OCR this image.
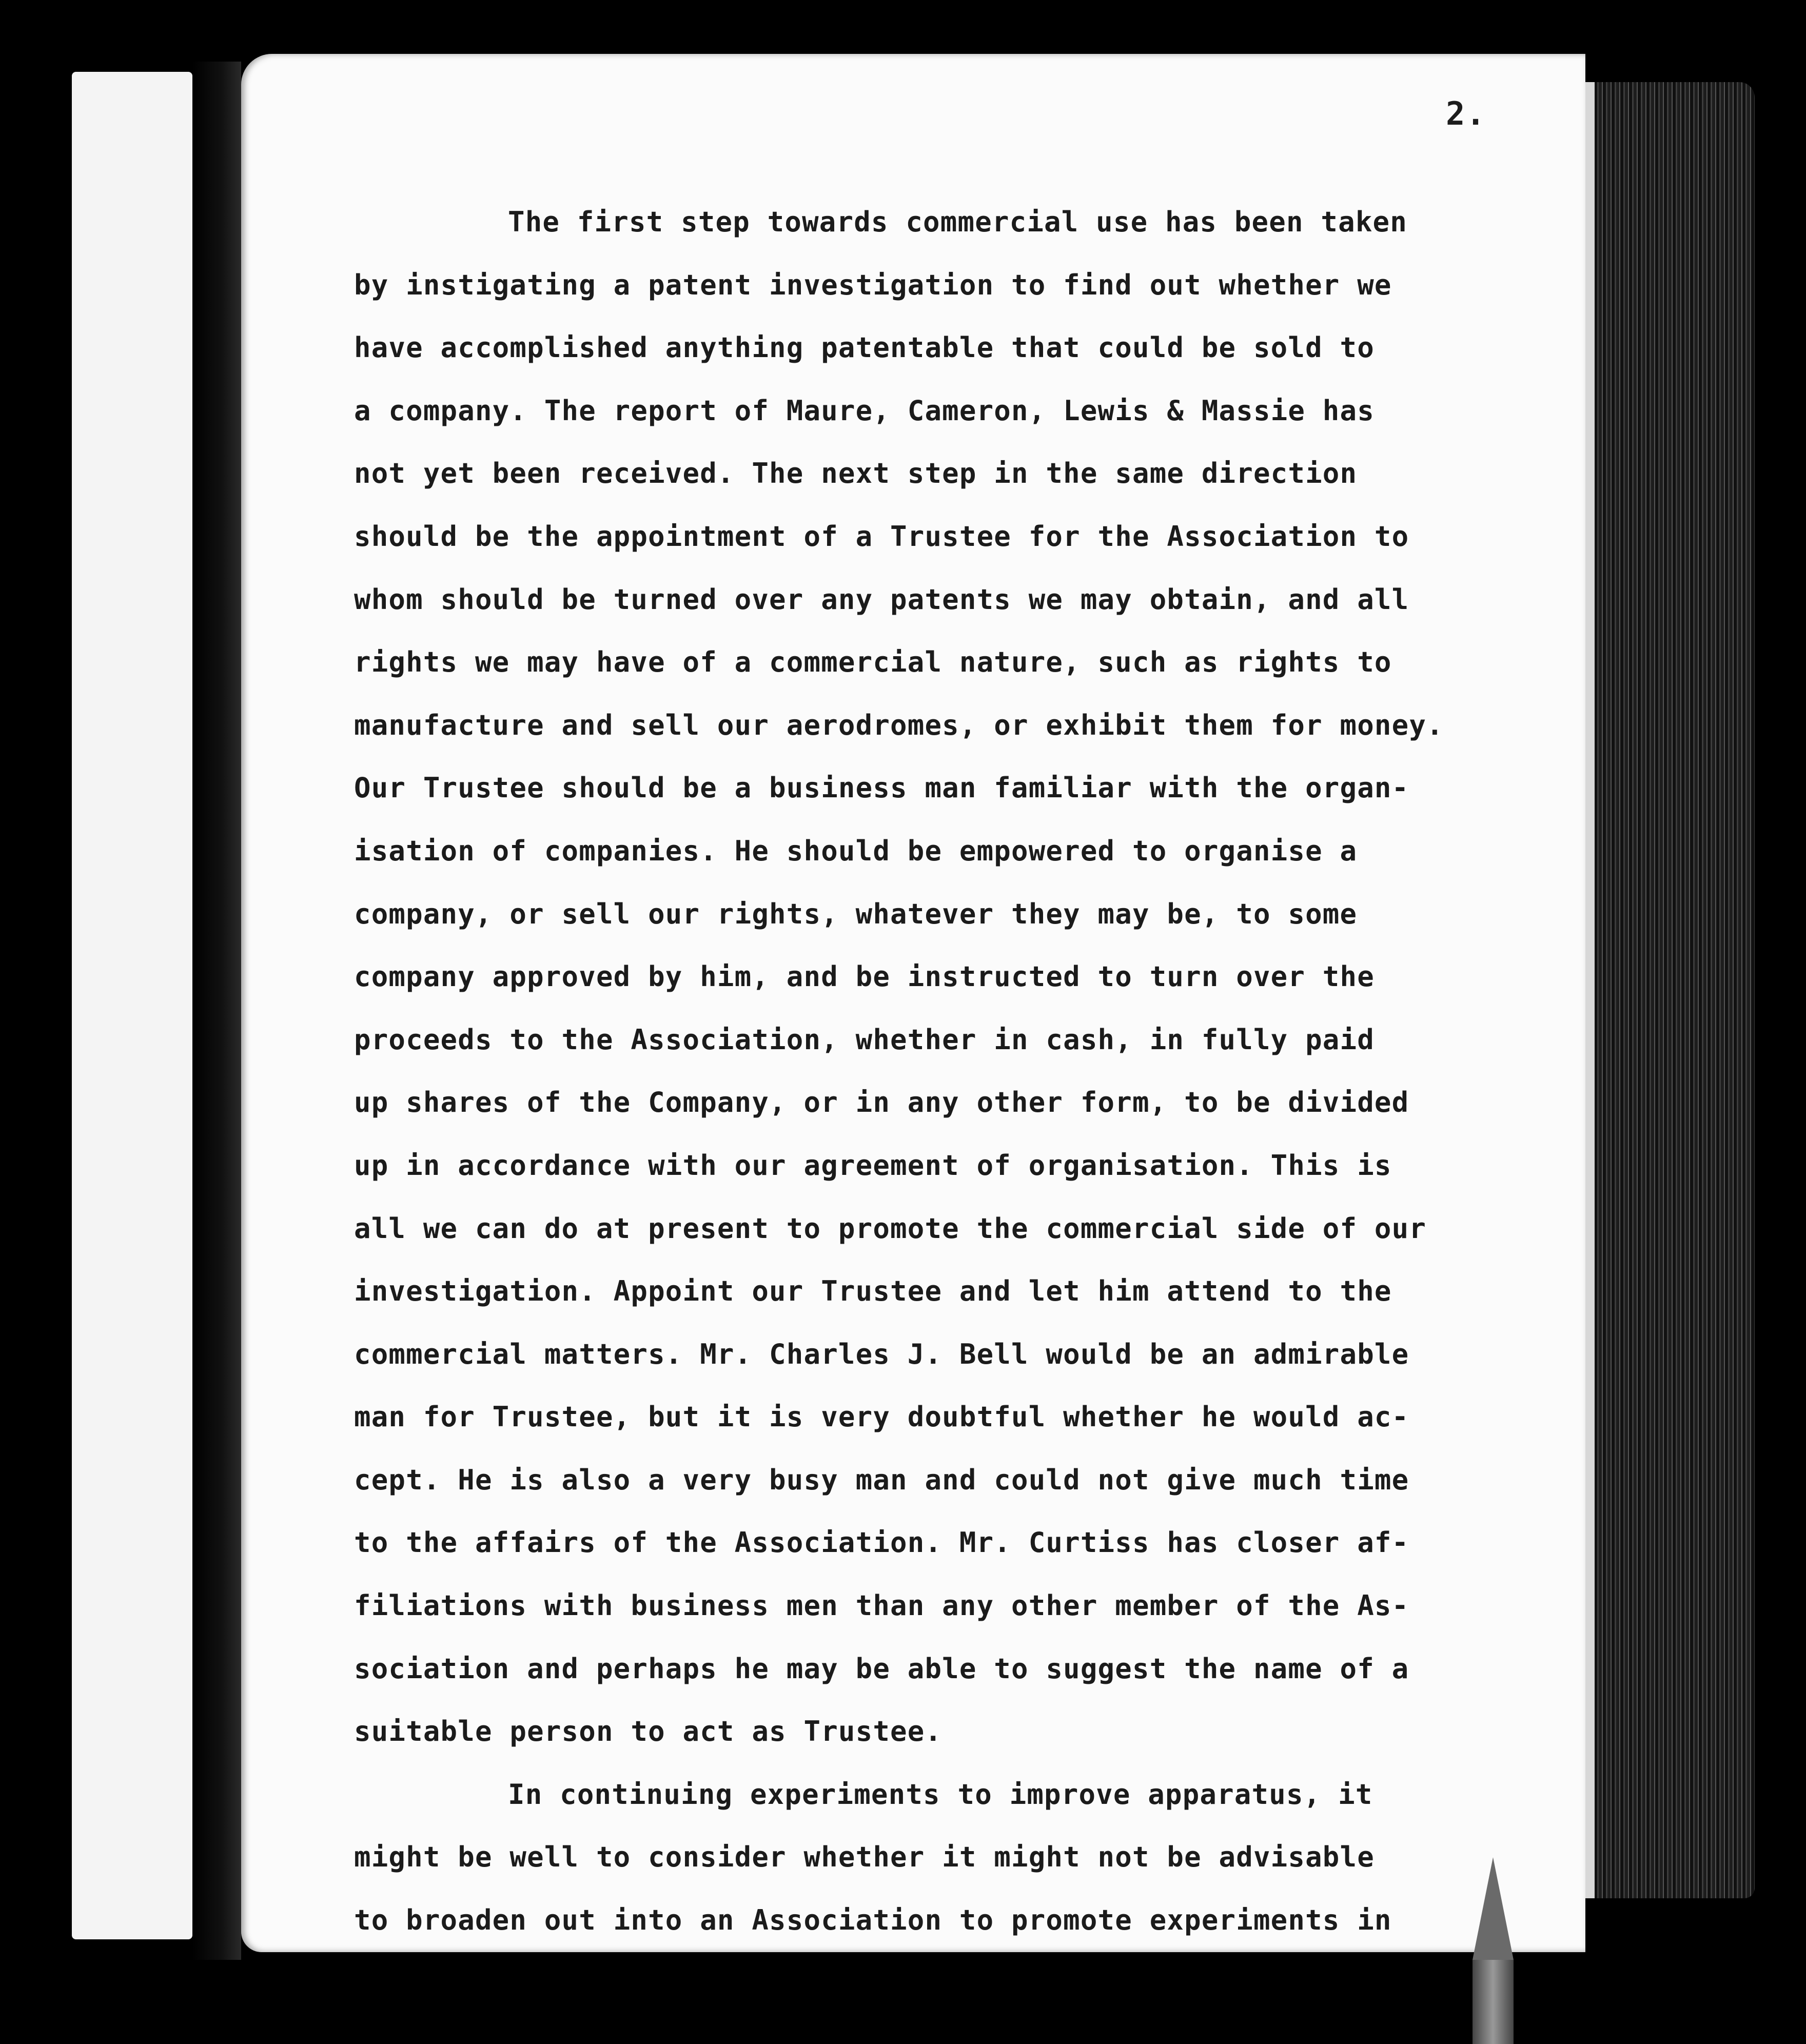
2.
The first step towards commercial use has been taken
by instigating a patent investigation to find out whether we
have accomplished anything patentable that could be sold to
a company. The report of Maure, Cameron, Lewis & Massie has
not yet been received. The next step in the same direction
should be the appointment of a Trustee for the Association to
whom should be turned over any patents we may obtain, and all
rights we may have of a commercial nature, such as rights to
manufacture and sell our aerodromes, or exhibit them for money.
Our Trustee should be a business man familiar with the organ-
isation of companies. He should be empowered to organise a
company, or sell our rights, whatever they may be, to some
company approved by him, and be instructed to turn over the
proceeds to the Association, whether in cash, in fully paid
up shares of the Company, or in any other form, to be divided
up in accordance with our agreement of organisation. This is
all we can do at present to promote the commercial side of our
investigation. Appoint our Trustee and let him attend to the
commercial matters. Mr. Charles J. Bell would be an admirable
man for Trustee, but it is very doubtful whether he would ac-
cept. He is also a very busy man and could not give much time
to the affairs of the Association. Mr. Curtiss has closer af-
filiations with business men than any other member of the As-
sociation and perhaps he may be able to suggest the name of a
suitable person to act as Trustee.
In continuing experiments to improve apparatus, it
might be well to consider whether it might not be advisable
to broaden out into an Association to promote experiments in
